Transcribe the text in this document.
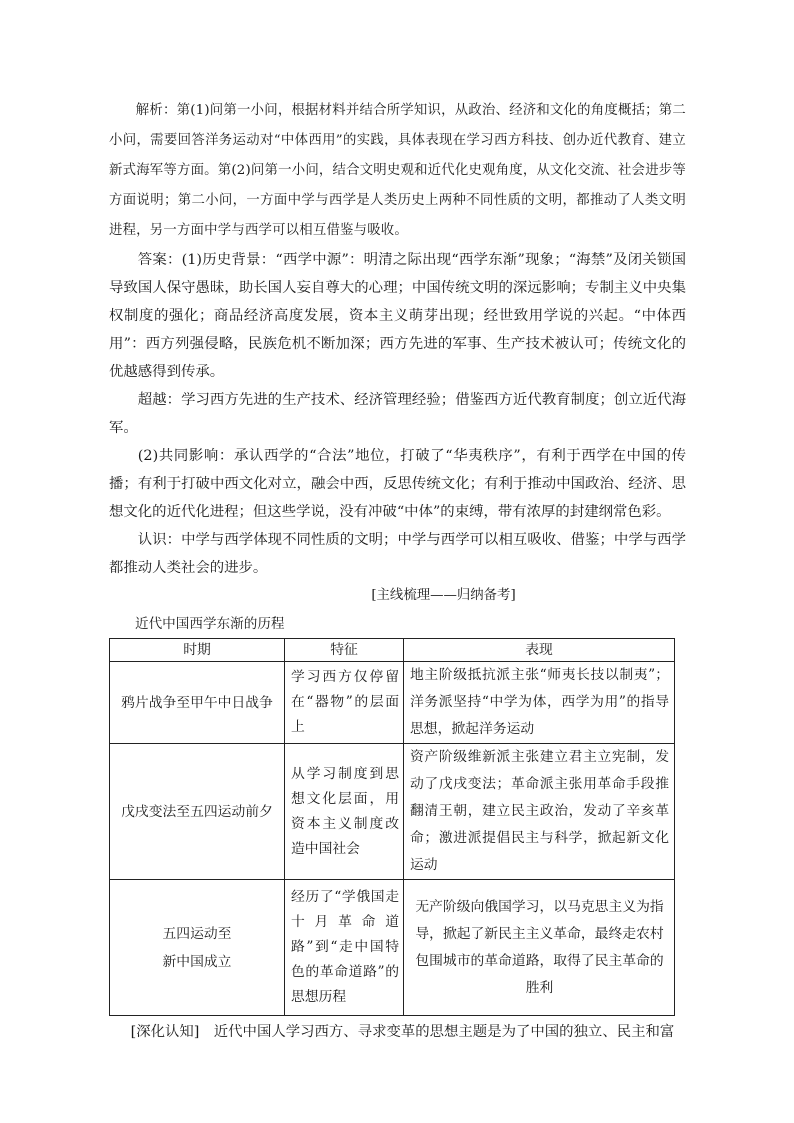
解析：第(1)问第一小问，根据材料并结合所学知识，从政治、经济和文化的角度概括；第二小问，需要回答洋务运动对“中体西用”的实践，具体表现在学习西方科技、创办近代教育、建立新式海军等方面。第(2)问第一小问，结合文明史观和近代化史观角度，从文化交流、社会进步等方面说明；第二小问，一方面中学与西学是人类历史上两种不同性质的文明，都推动了人类文明进程，另一方面中学与西学可以相互借鉴与吸收。

答案：(1)历史背景：“西学中源”：明清之际出现“西学东渐”现象；“海禁”及闭关锁国导致国人保守愚昧，助长国人妄自尊大的心理；中国传统文明的深远影响；专制主义中央集权制度的强化；商品经济高度发展，资本主义萌芽出现；经世致用学说的兴起。“中体西用”：西方列强侵略，民族危机不断加深；西方先进的军事、生产技术被认可；传统文化的优越感得到传承。

超越：学习西方先进的生产技术、经济管理经验；借鉴西方近代教育制度；创立近代海军。

(2)共同影响：承认西学的“合法”地位，打破了“华夷秩序”，有利于西学在中国的传播；有利于打破中西文化对立，融会中西，反思传统文化；有利于推动中国政治、经济、思想文化的近代化进程；但这些学说，没有冲破“中体”的束缚，带有浓厚的封建纲常色彩。

认识：中学与西学体现不同性质的文明；中学与西学可以相互吸收、借鉴；中学与西学都推动人类社会的进步。

[主线梳理——归纳备考]

近代中国西学东渐的历程

时期	特征	表现
鸦片战争至甲午中日战争	学习西方仅停留在“器物”的层面上	地主阶级抵抗派主张“师夷长技以制夷”；洋务派坚持“中学为体，西学为用”的指导思想，掀起洋务运动
戊戌变法至五四运动前夕	从学习制度到思想文化层面，用资本主义制度改造中国社会	资产阶级维新派主张建立君主立宪制，发动了戊戌变法；革命派主张用革命手段推翻清王朝，建立民主政治，发动了辛亥革命；激进派提倡民主与科学，掀起新文化运动

五四运动至
新中国成立	经历了“学俄国走十月革命道路”到“走中国特色的革命道路”的思想历程	无产阶级向俄国学习，以马克思主义为指导，掀起了新民主主义革命，最终走农村包围城市的革命道路，取得了民主革命的胜利

[深化认知]　近代中国人学习西方、寻求变革的思想主题是为了中国的独立、民主和富
